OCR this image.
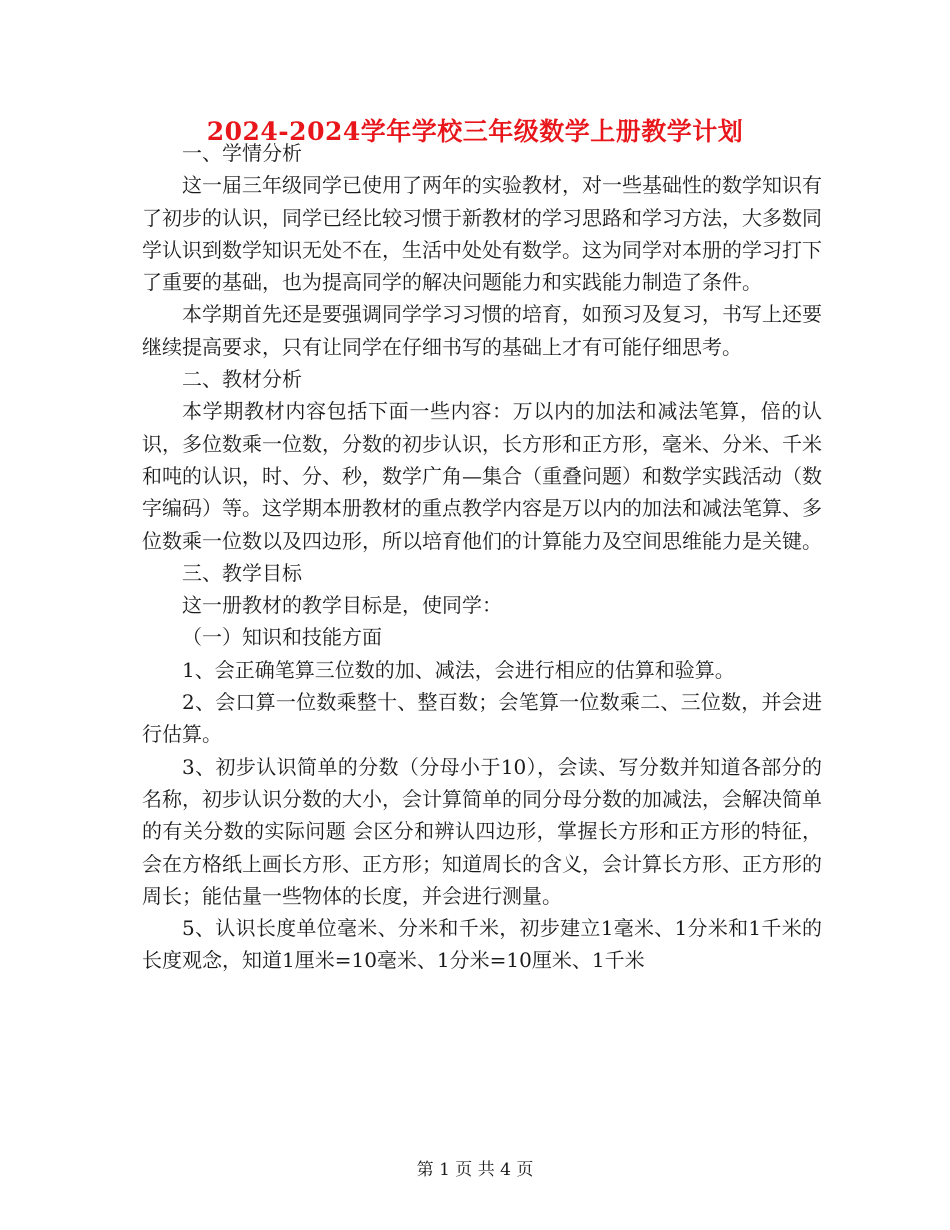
2024-2024学年学校三年级数学上册教学计划

一、学情分析

这一届三年级同学已使用了两年的实验教材，对一些基础性的数学知识有了初步的认识，同学已经比较习惯于新教材的学习思路和学习方法，大多数同学认识到数学知识无处不在，生活中处处有数学。这为同学对本册的学习打下了重要的基础，也为提高同学的解决问题能力和实践能力制造了条件。

本学期首先还是要强调同学学习习惯的培育，如预习及复习，书写上还要继续提高要求，只有让同学在仔细书写的基础上才有可能仔细思考。

二、教材分析

本学期教材内容包括下面一些内容：万以内的加法和减法笔算，倍的认识，多位数乘一位数，分数的初步认识，长方形和正方形，毫米、分米、千米和吨的认识，时、分、秒，数学广角—集合（重叠问题）和数学实践活动（数字编码）等。这学期本册教材的重点教学内容是万以内的加法和减法笔算、多位数乘一位数以及四边形，所以培育他们的计算能力及空间思维能力是关键。

三、教学目标

这一册教材的教学目标是，使同学：

（一）知识和技能方面

1、会正确笔算三位数的加、减法，会进行相应的估算和验算。

2、会口算一位数乘整十、整百数；会笔算一位数乘二、三位数，并会进行估算。

3、初步认识简单的分数（分母小于10），会读、写分数并知道各部分的名称，初步认识分数的大小，会计算简单的同分母分数的加减法，会解决简单的有关分数的实际问题 会区分和辨认四边形，掌握长方形和正方形的特征，会在方格纸上画长方形、正方形；知道周长的含义，会计算长方形、正方形的周长；能估量一些物体的长度，并会进行测量。

5、认识长度单位毫米、分米和千米，初步建立1毫米、1分米和1千米的长度观念，知道1厘米=10毫米、1分米=10厘米、1千米

第 1 页 共 4 页
